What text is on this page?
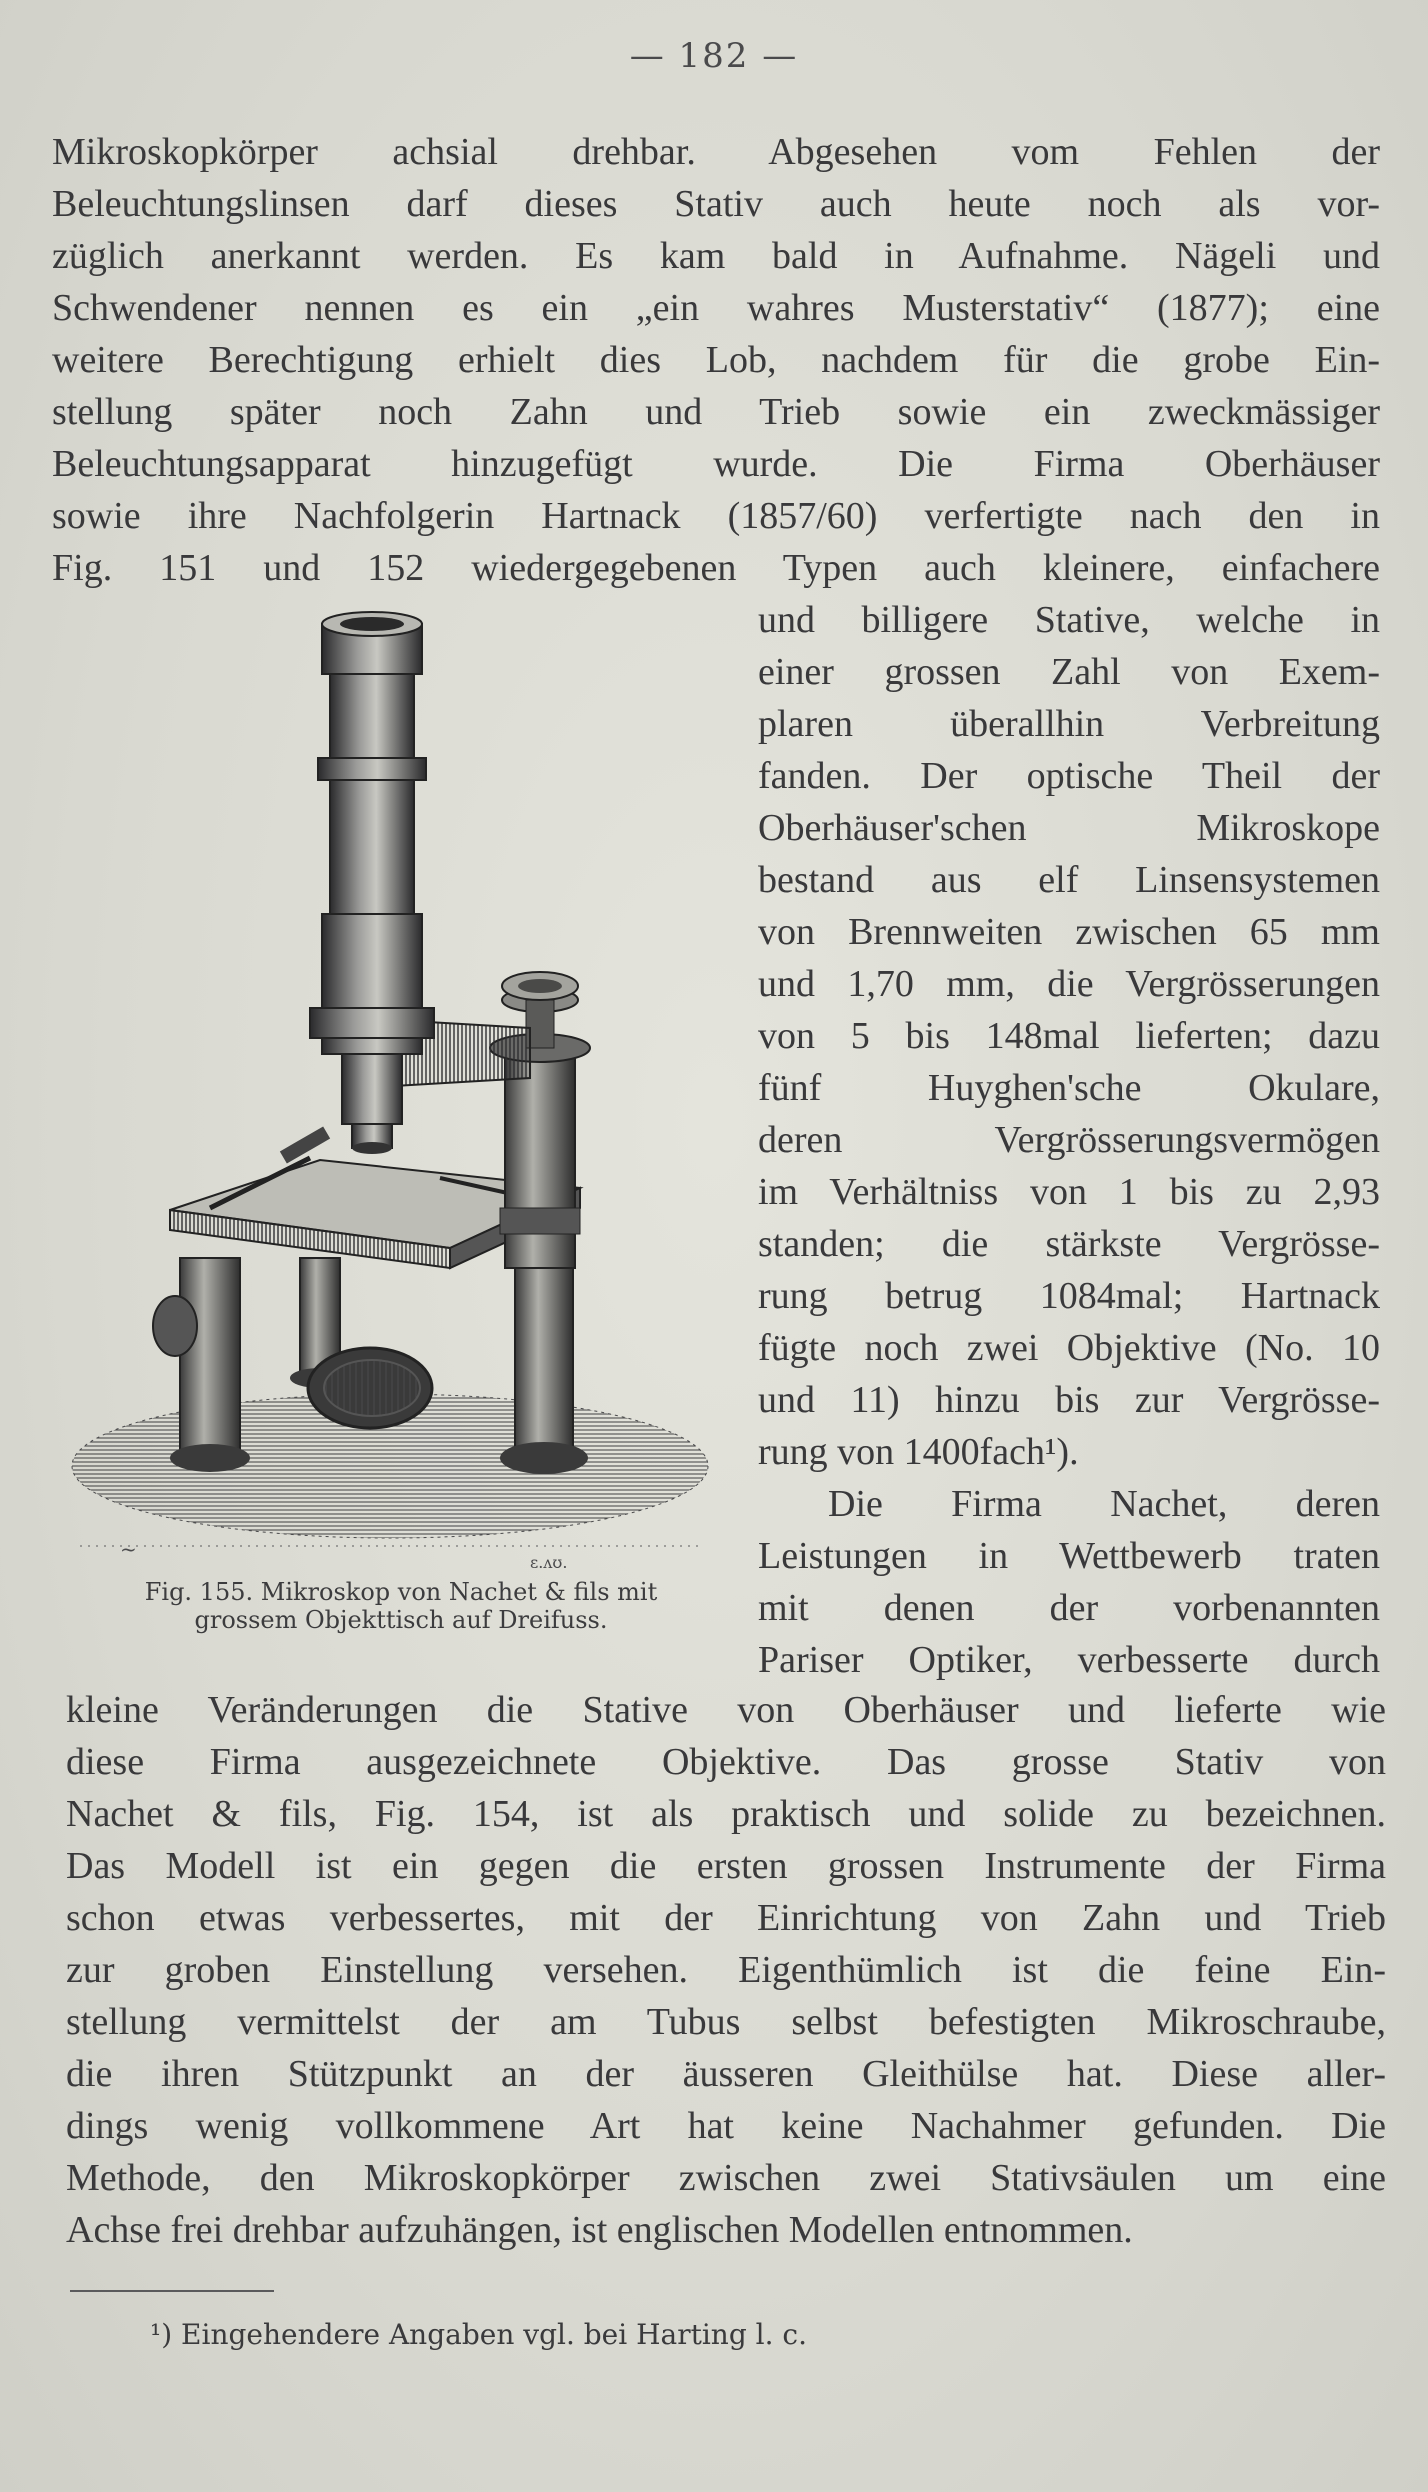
— 182 —
Mikroskopkörper achsial drehbar. Abgesehen vom Fehlen der
Beleuchtungslinsen darf dieses Stativ auch heute noch als vor-
züglich anerkannt werden. Es kam bald in Aufnahme. Nägeli und
Schwendener nennen es ein „ein wahres Musterstativ“ (1877); eine
weitere Berechtigung erhielt dies Lob, nachdem für die grobe Ein-
stellung später noch Zahn und Trieb sowie ein zweckmässiger
Beleuchtungsapparat hinzugefügt wurde. Die Firma Oberhäuser
sowie ihre Nachfolgerin Hartnack (1857/60) verfertigte nach den in
Fig. 151 und 152 wiedergegebenen Typen auch kleinere, einfachere
und billigere Stative, welche in
einer grossen Zahl von Exem-
plaren überallhin Verbreitung
fanden. Der optische Theil der
Oberhäuser'schen Mikroskope
bestand aus elf Linsensystemen
von Brennweiten zwischen 65 mm
und 1,70 mm, die Vergrösserungen
von 5 bis 148mal lieferten; dazu
fünf Huyghen'sche Okulare,
deren Vergrösserungsvermögen
im Verhältniss von 1 bis zu 2,93
standen; die stärkste Vergrösse-
rung betrug 1084mal; Hartnack
fügte noch zwei Objektive (No. 10
und 11) hinzu bis zur Vergrösse-
rung von 1400fach¹).
Die Firma Nachet, deren
Leistungen in Wettbewerb traten
mit denen der vorbenannten
Pariser Optiker, verbesserte durch
kleine Veränderungen die Stative von Oberhäuser und lieferte wie
diese Firma ausgezeichnete Objektive. Das grosse Stativ von
Nachet & fils, Fig. 154, ist als praktisch und solide zu bezeichnen.
Das Modell ist ein gegen die ersten grossen Instrumente der Firma
schon etwas verbessertes, mit der Einrichtung von Zahn und Trieb
zur groben Einstellung versehen. Eigenthümlich ist die feine Ein-
stellung vermittelst der am Tubus selbst befestigten Mikroschraube,
die ihren Stützpunkt an der äusseren Gleithülse hat. Diese aller-
dings wenig vollkommene Art hat keine Nachahmer gefunden. Die
Methode, den Mikroskopkörper zwischen zwei Stativsäulen um eine
Achse frei drehbar aufzuhängen, ist englischen Modellen entnommen.
~
ɛ.ʌʊ.
Fig. 155. Mikroskop von Nachet & fils mit
grossem Objekttisch auf Dreifuss.
¹) Eingehendere Angaben vgl. bei Harting l. c.
